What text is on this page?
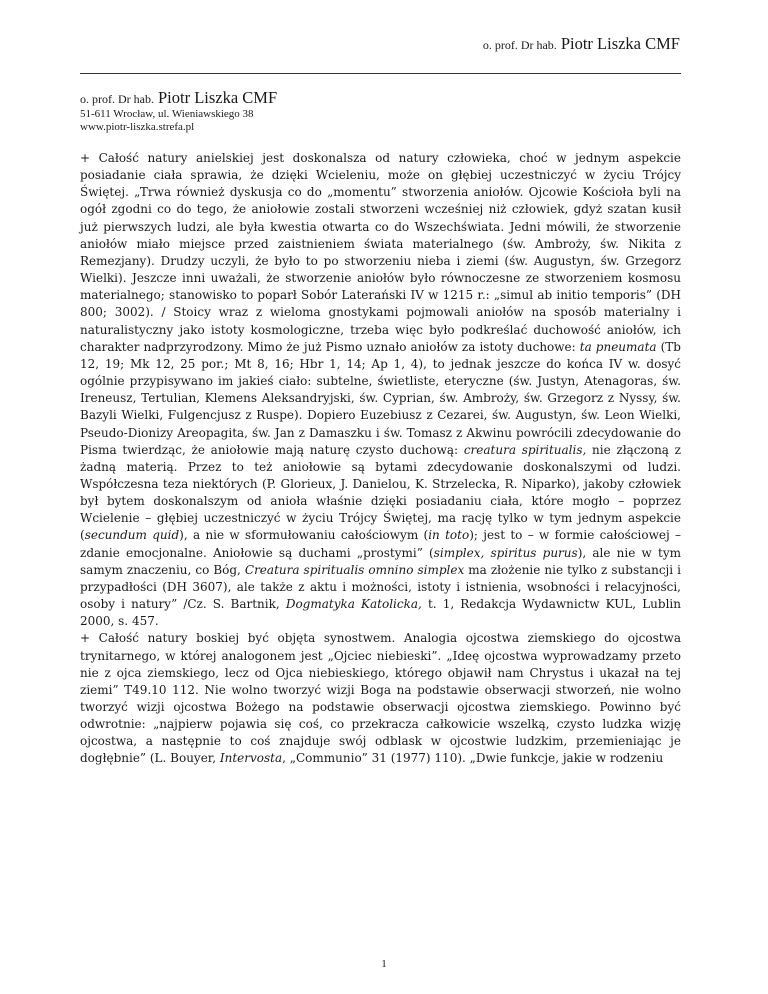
o. prof. Dr hab. Piotr Liszka CMF
o. prof. Dr hab. Piotr Liszka CMF
51-611 Wrocław, ul. Wieniawskiego 38
www.piotr-liszka.strefa.pl

+ Całość natury anielskiej jest doskonalsza od natury człowieka, choć w jednym aspekcie posiadanie ciała sprawia, że dzięki Wcieleniu, może on głębiej uczestniczyć w życiu Trójcy Świętej. „Trwa również dyskusja co do „momentu” stworzenia aniołów. Ojcowie Kościoła byli na ogół zgodni co do tego, że aniołowie zostali stworzeni wcześniej niż człowiek, gdyż szatan kusił już pierwszych ludzi, ale była kwestia otwarta co do Wszechświata. Jedni mówili, że stworzenie aniołów miało miejsce przed zaistnieniem świata materialnego (św. Ambroży, św. Nikita z Remezjany). Drudzy uczyli, że było to po stworzeniu nieba i ziemi (św. Augustyn, św. Grzegorz Wielki). Jeszcze inni uważali, że stworzenie aniołów było równoczesne ze stworzeniem kosmosu materialnego; stanowisko to poparł Sobór Laterański IV w 1215 r.: „simul ab initio temporis” (DH 800; 3002). / Stoicy wraz z wieloma gnostykami pojmowali aniołów na sposób materialny i naturalistyczny jako istoty kosmologiczne, trzeba więc było podkreślać duchowość aniołów, ich charakter nadprzyrodzony. Mimo że już Pismo uznało aniołów za istoty duchowe: ta pneumata (Tb 12, 19; Mk 12, 25 por.; Mt 8, 16; Hbr 1, 14; Ap 1, 4), to jednak jeszcze do końca IV w. dosyć ogólnie przypisywano im jakieś ciało: subtelne, świetliste, eteryczne (św. Justyn, Atenagoras, św. Ireneusz, Tertulian, Klemens Aleksandryjski, św. Cyprian, św. Ambroży, św. Grzegorz z Nyssy, św. Bazyli Wielki, Fulgencjusz z Ruspe). Dopiero Euzebiusz z Cezarei, św. Augustyn, św. Leon Wielki, Pseudo-Dionizy Areopagita, św. Jan z Damaszku i św. Tomasz z Akwinu powrócili zdecydowanie do Pisma twierdząc, że aniołowie mają naturę czysto duchową: creatura spiritualis, nie złączoną z żadną materią. Przez to też aniołowie są bytami zdecydowanie doskonalszymi od ludzi. Współczesna teza niektórych (P. Glorieux, J. Danielou, K. Strzelecka, R. Niparko), jakoby człowiek był bytem doskonalszym od anioła właśnie dzięki posiadaniu ciała, które mogło – poprzez Wcielenie – głębiej uczestniczyć w życiu Trójcy Świętej, ma rację tylko w tym jednym aspekcie (secundum quid), a nie w sformułowaniu całościowym (in toto); jest to – w formie całościowej – zdanie emocjonalne. Aniołowie są duchami „prostymi” (simplex, spiritus purus), ale nie w tym samym znaczeniu, co Bóg, Creatura spiritualis omnino simplex ma złożenie nie tylko z substancji i przypadłości (DH 3607), ale także z aktu i możności, istoty i istnienia, wsobności i relacyjności, osoby i natury” /Cz. S. Bartnik, Dogmatyka Katolicka, t. 1, Redakcja Wydawnictw KUL, Lublin 2000, s. 457.

+ Całość natury boskiej być objęta synostwem. Analogia ojcostwa ziemskiego do ojcostwa trynitarnego, w której analogonem jest „Ojciec niebieski”. „Ideę ojcostwa wyprowadzamy przeto nie z ojca ziemskiego, lecz od Ojca niebieskiego, którego objawił nam Chrystus i ukazał na tej ziemi” T49.10 112. Nie wolno tworzyć wizji Boga na podstawie obserwacji stworzeń, nie wolno tworzyć wizji ojcostwa Bożego na podstawie obserwacji ojcostwa ziemskiego. Powinno być odwrotnie: „najpierw pojawia się coś, co przekracza całkowicie wszelką, czysto ludzka wizję ojcostwa, a następnie to coś znajduje swój odblask w ojcostwie ludzkim, przemieniając je dogłębnie” (L. Bouyer, Intervosta, „Communio” 31 (1977) 110). „Dwie funkcje, jakie w rodzeniu

1
